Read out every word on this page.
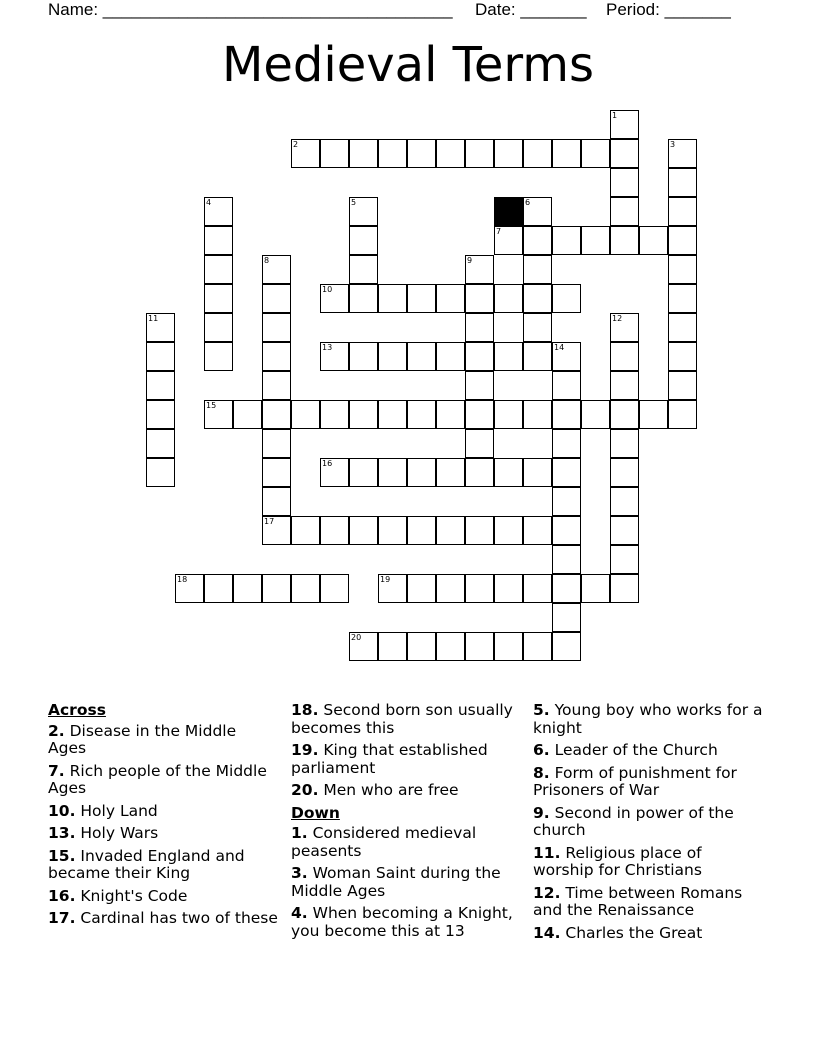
Name: _____________________________________

Date: _______

Period: _______

Medieval Terms
1
2	3
4	5	6
7
8	9
10
11	12
13	14
15
16
17
18	19
20
Across
2. Disease in the Middle Ages
7. Rich people of the Middle Ages
10. Holy Land
13. Holy Wars
15. Invaded England and became their King
16. Knight's Code
17. Cardinal has two of these
18. Second born son usually becomes this
19. King that established parliament
20. Men who are free
Down
1. Considered medieval peasents
3. Woman Saint during the Middle Ages
4. When becoming a Knight, you become this at 13
5. Young boy who works for a knight
6. Leader of the Church
8. Form of punishment for Prisoners of War
9. Second in power of the church
11. Religious place of worship for Christians
12. Time between Romans and the Renaissance
14. Charles the Great
